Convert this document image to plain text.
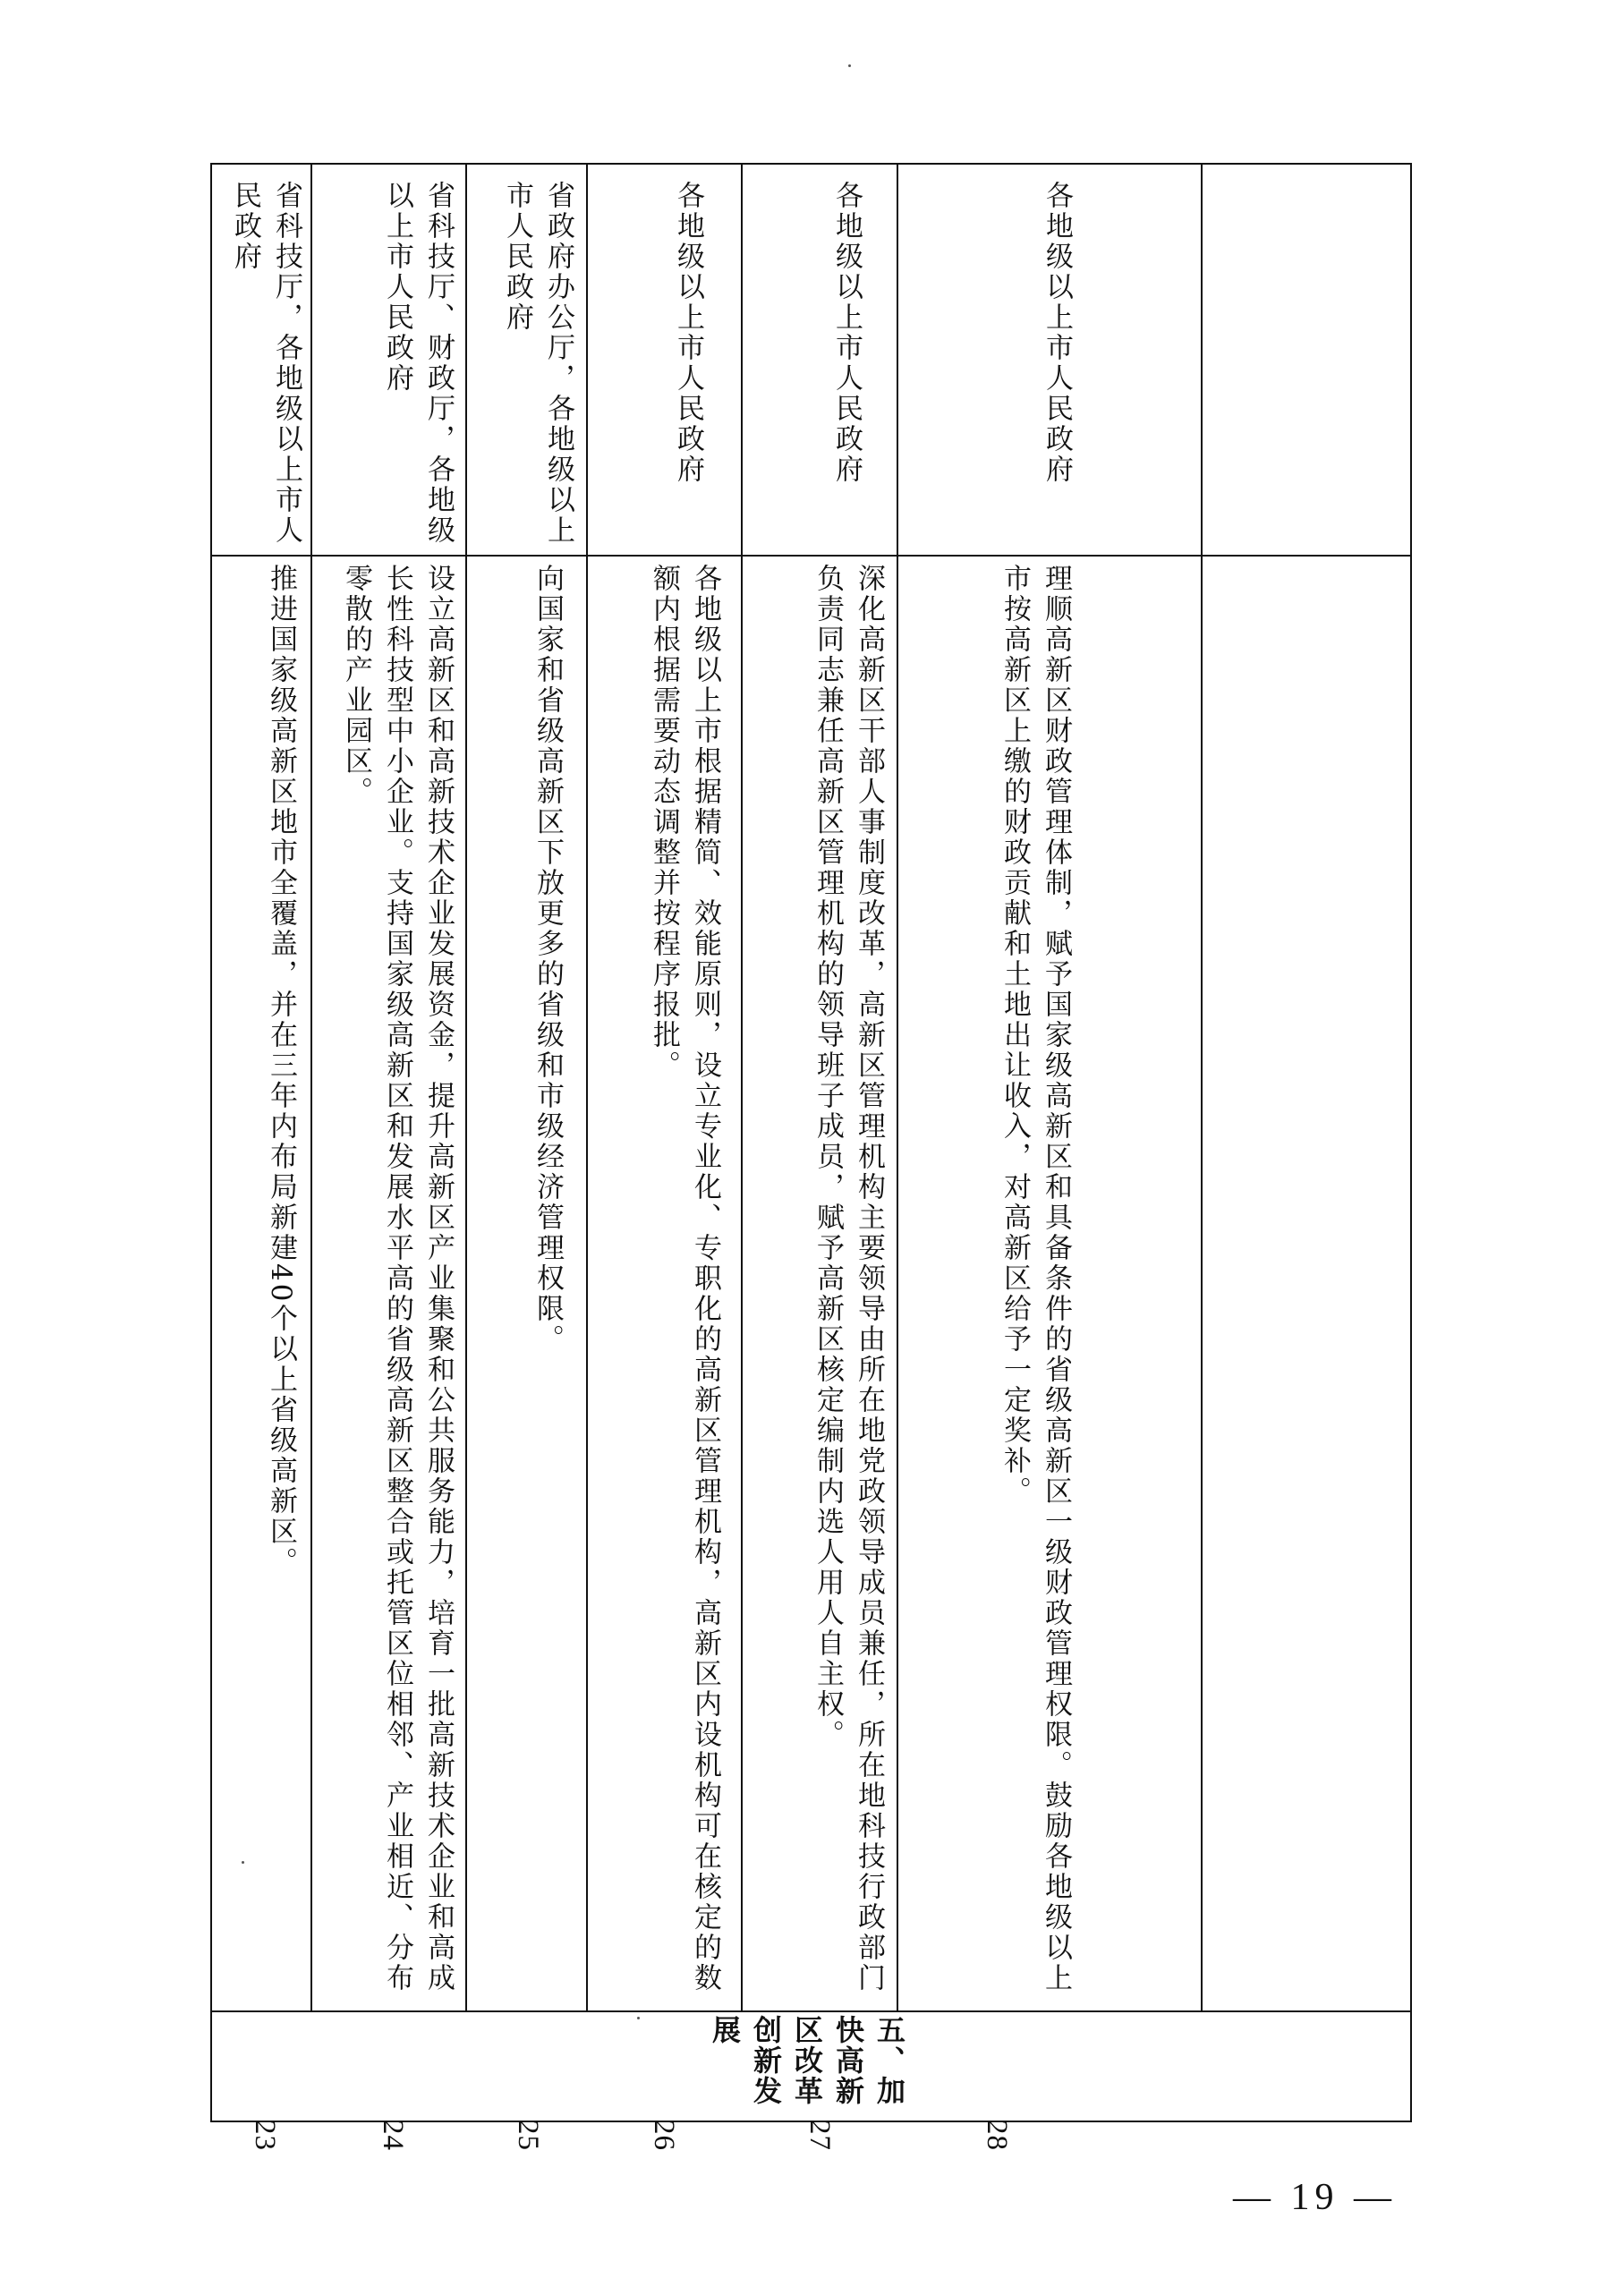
省科技厅，各地级以上市人民政府
推进国家级高新区地市全覆盖，并在三年内布局新建40个以上省级高新区。
23
省科技厅、财政厅，各地级以上市人民政府
设立高新区和高新技术企业发展资金，提升高新区产业集聚和公共服务能力，培育一批高新技术企业和高成长性科技型中小企业。支持国家级高新区和发展水平高的省级高新区整合或托管区位相邻、产业相近、分布零散的产业园区。
24
省政府办公厅，各地级以上市人民政府
向国家和省级高新区下放更多的省级和市级经济管理权限。
25
各地级以上市人民政府
各地级以上市根据精简、效能原则，设立专业化、专职化的高新区管理机构，高新区内设机构可在核定的数额内根据需要动态调整并按程序报批。
26
各地级以上市人民政府
深化高新区干部人事制度改革，高新区管理机构主要领导由所在地党政领导成员兼任，所在地科技行政部门负责同志兼任高新区管理机构的领导班子成员，赋予高新区核定编制内选人用人自主权。
27
各地级以上市人民政府
理顺高新区财政管理体制，赋予国家级高新区和具备条件的省级高新区一级财政管理权限。鼓励各地级以上市按高新区上缴的财政贡献和土地出让收入，对高新区给予一定奖补。
28
五、加快高新区改革创新发展
— 19 —
